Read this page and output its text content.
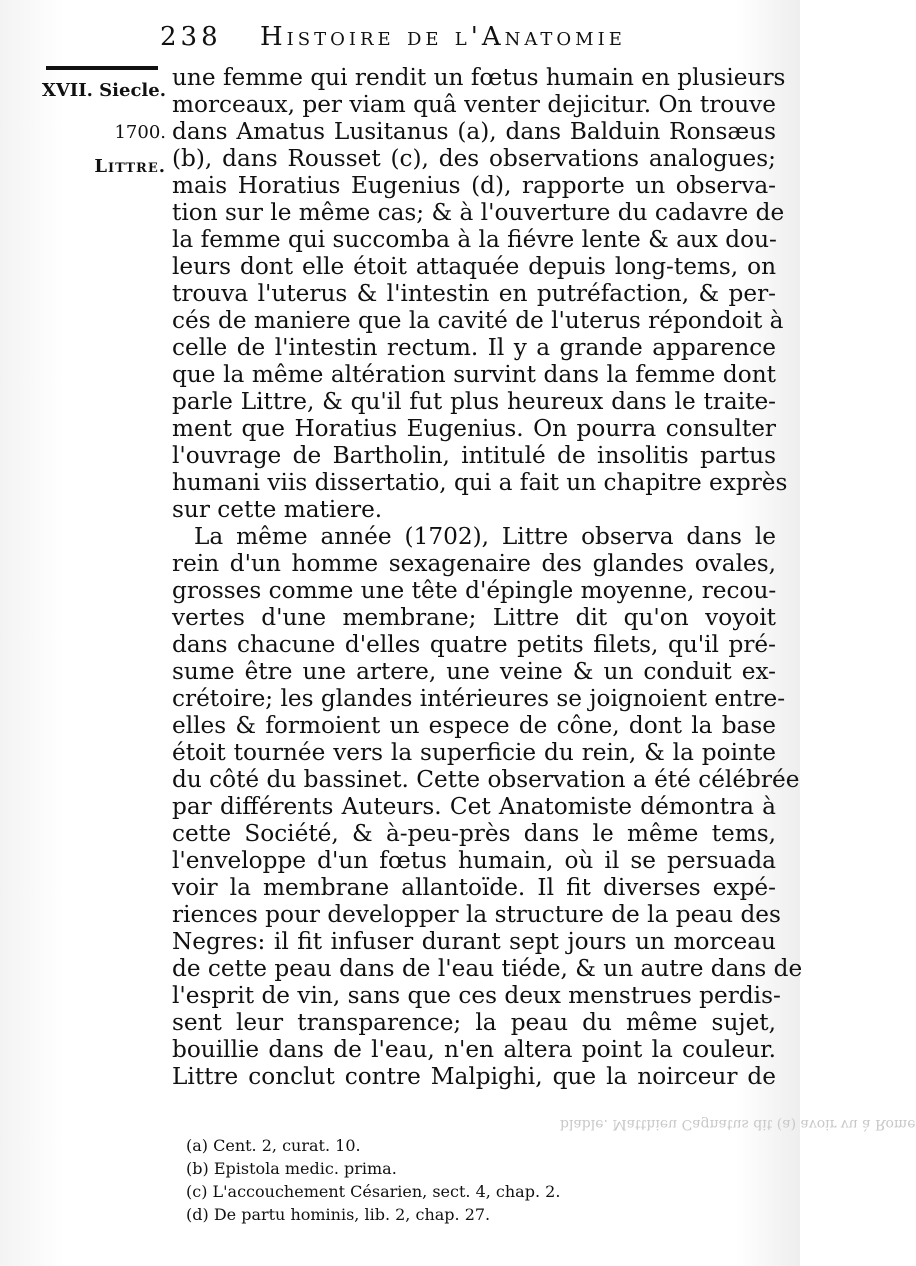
238 Histoire de l'Anatomie
XVII. Siecle.
1700.
Littre.
une femme qui rendit un fœtus humain en plusieurs
morceaux, per viam quâ venter dejicitur. On trouve
dans Amatus Lusitanus (a), dans Balduin Ronsæus
(b), dans Rousset (c), des observations analogues;
mais Horatius Eugenius (d), rapporte un observa-
tion sur le même cas; & à l'ouverture du cadavre de
la femme qui succomba à la fiévre lente & aux dou-
leurs dont elle étoit attaquée depuis long-tems, on
trouva l'uterus & l'intestin en putréfaction, & per-
cés de maniere que la cavité de l'uterus répondoit à
celle de l'intestin rectum. Il y a grande apparence
que la même altération survint dans la femme dont
parle Littre, & qu'il fut plus heureux dans le traite-
ment que Horatius Eugenius. On pourra consulter
l'ouvrage de Bartholin, intitulé de insolitis partus
humani viis dissertatio, qui a fait un chapitre exprès
sur cette matiere.
La même année (1702), Littre observa dans le
rein d'un homme sexagenaire des glandes ovales,
grosses comme une tête d'épingle moyenne, recou-
vertes d'une membrane; Littre dit qu'on voyoit
dans chacune d'elles quatre petits filets, qu'il pré-
sume être une artere, une veine & un conduit ex-
crétoire; les glandes intérieures se joignoient entre-
elles & formoient un espece de cône, dont la base
étoit tournée vers la superficie du rein, & la pointe
du côté du bassinet. Cette observation a été célébrée
par différents Auteurs. Cet Anatomiste démontra à
cette Société, & à-peu-près dans le même tems,
l'enveloppe d'un fœtus humain, où il se persuada
voir la membrane allantoïde. Il fit diverses expé-
riences pour developper la structure de la peau des
Negres: il fit infuser durant sept jours un morceau
de cette peau dans de l'eau tiéde, & un autre dans de
l'esprit de vin, sans que ces deux menstrues perdis-
sent leur transparence; la peau du même sujet,
bouillie dans de l'eau, n'en altera point la couleur.
Littre conclut contre Malpighi, que la noirceur de
blable. Matthieu Cagnatus dit (a) avoir vu à Rome
(a) Cent. 2, curat. 10.
(b) Epistola medic. prima.
(c) L'accouchement Césarien, sect. 4, chap. 2.
(d) De partu hominis, lib. 2, chap. 27.
